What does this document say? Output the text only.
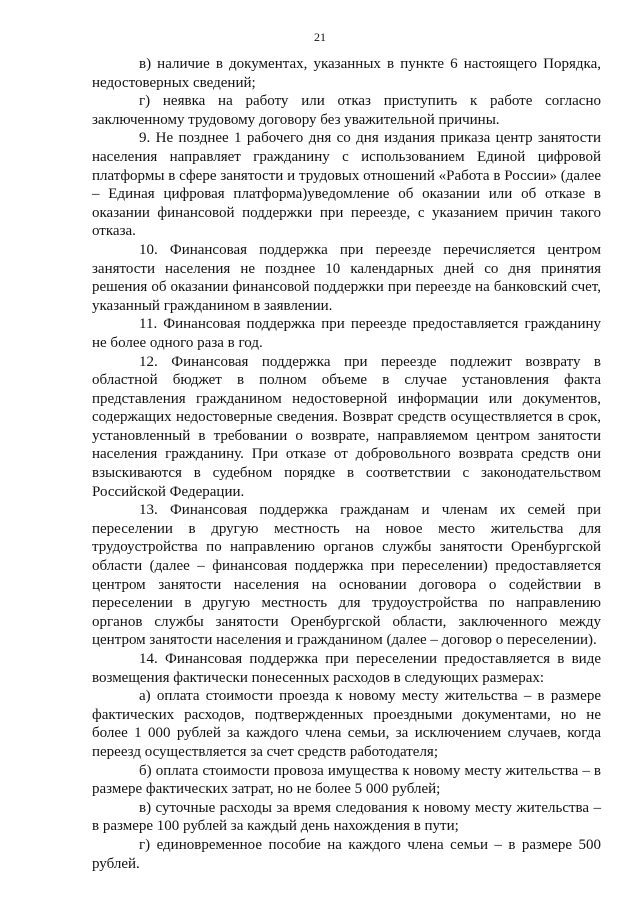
21

в) наличие в документах, указанных в пункте 6 настоящего Порядка, недостоверных сведений;

г) неявка на работу или отказ приступить к работе согласно заключенному трудовому договору без уважительной причины.

9. Не позднее 1 рабочего дня со дня издания приказа центр занятости населения направляет гражданину с использованием Единой цифровой платформы в сфере занятости и трудовых отношений «Работа в России» (далее – Единая цифровая платформа)уведомление об оказании или об отказе в оказании финансовой поддержки при переезде, с указанием причин такого отказа.

10. Финансовая поддержка при переезде перечисляется центром занятости населения не позднее 10 календарных дней со дня принятия решения об оказании финансовой поддержки при переезде на банковский счет, указанный гражданином в заявлении.

11. Финансовая поддержка при переезде предоставляется гражданину не более одного раза в год.

12. Финансовая поддержка при переезде подлежит возврату в областной бюджет в полном объеме в случае установления факта представления гражданином недостоверной информации или документов, содержащих недостоверные сведения. Возврат средств осуществляется в срок, установленный в требовании о возврате, направляемом центром занятости населения гражданину. При отказе от добровольного возврата средств они взыскиваются в судебном порядке в соответствии с законодательством Российской Федерации.

13. Финансовая поддержка гражданам и членам их семей при переселении в другую местность на новое место жительства для трудоустройства по направлению органов службы занятости Оренбургской области (далее – финансовая поддержка при переселении) предоставляется центром занятости населения на основании договора о содействии в переселении в другую местность для трудоустройства по направлению органов службы занятости Оренбургской области, заключенного между центром занятости населения и гражданином (далее – договор о переселении).

14. Финансовая поддержка при переселении предоставляется в виде возмещения фактически понесенных расходов в следующих размерах:

а) оплата стоимости проезда к новому месту жительства – в размере фактических расходов, подтвержденных проездными документами, но не более 1 000 рублей за каждого члена семьи, за исключением случаев, когда переезд осуществляется за счет средств работодателя;

б) оплата стоимости провоза имущества к новому месту жительства – в размере фактических затрат, но не более 5 000 рублей;

в) суточные расходы за время следования к новому месту жительства – в размере 100 рублей за каждый день нахождения в пути;

г) единовременное пособие на каждого члена семьи – в размере 500 рублей.
